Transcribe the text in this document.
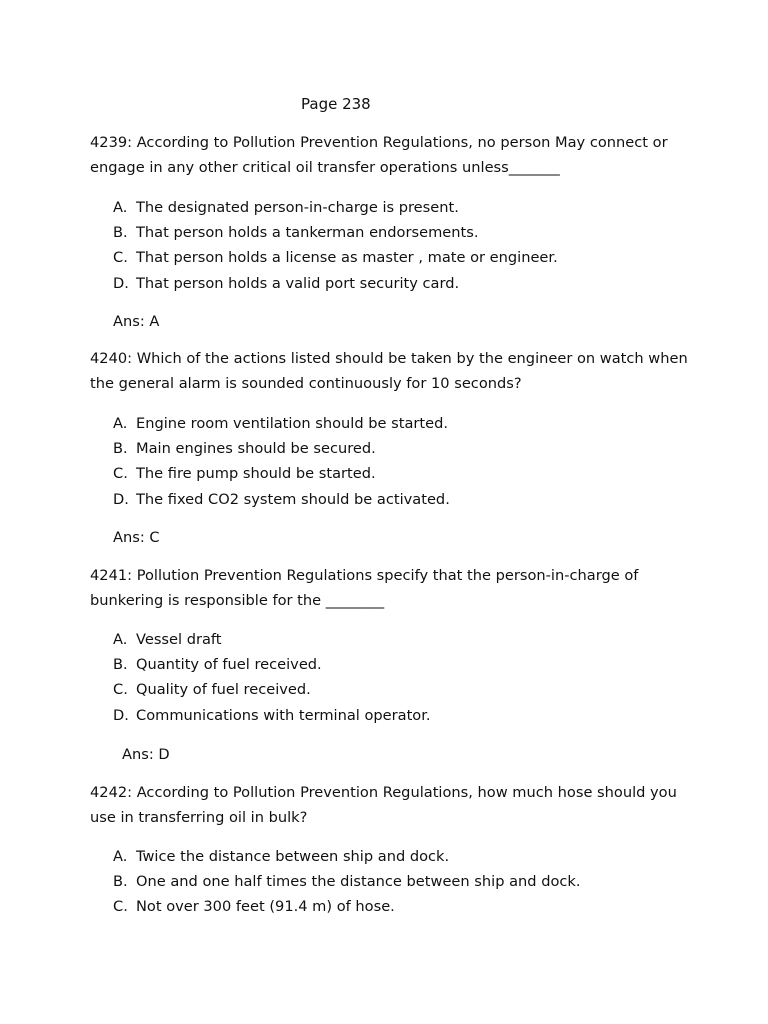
Page 238
4239: According to Pollution Prevention Regulations, no person May connect or
engage in any other critical oil transfer operations unless_______
A. The designated person-in-charge is present.
B. That person holds a tankerman endorsements.
C. That person holds a license as master , mate or engineer.
D. That person holds a valid port security card.
Ans: A
4240: Which of the actions listed should be taken by the engineer on watch when
the general alarm is sounded continuously for 10 seconds?
A. Engine room ventilation should be started.
B. Main engines should be secured.
C. The fire pump should be started.
D. The fixed CO2 system should be activated.
Ans: C
4241: Pollution Prevention Regulations specify that the person-in-charge of
bunkering is responsible for the ________
A. Vessel draft
B. Quantity of fuel received.
C. Quality of fuel received.
D. Communications with terminal operator.
Ans: D
4242: According to Pollution Prevention Regulations, how much hose should you
use in transferring oil in bulk?
A. Twice the distance between ship and dock.
B. One and one half times the distance between ship and dock.
C. Not over 300 feet (91.4 m) of hose.
